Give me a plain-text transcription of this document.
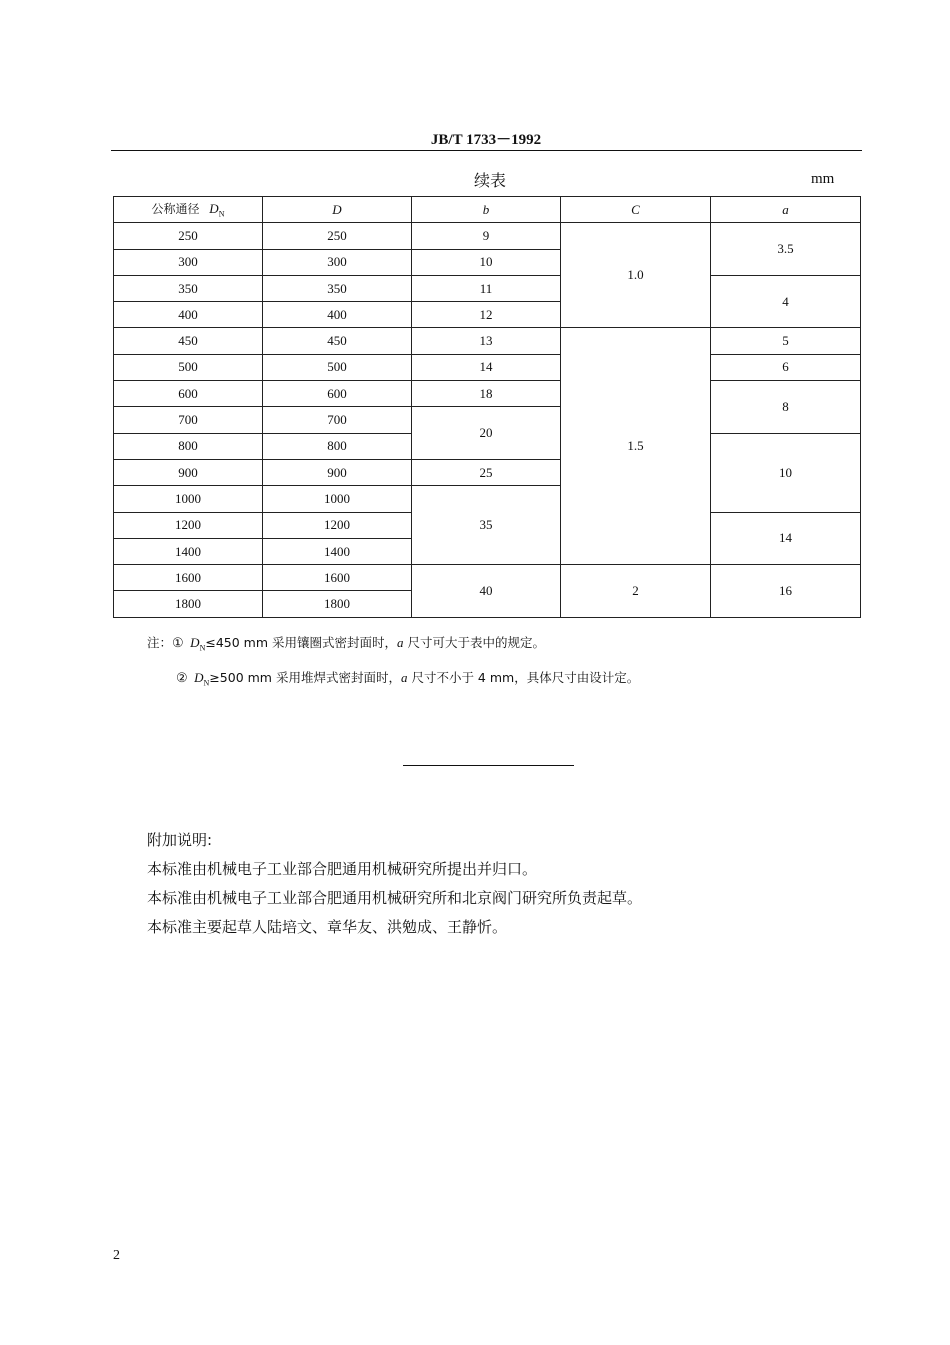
JB/T 1733－1992
续表	mm
公称通径 $D_N$	D	b	C	a
250	250	9	1.0	3.5
300	300	10		
350	350	11		4
400	400	12		
450	450	13	1.5	5
500	500	14		6
600	600	18		8
700	700	20		
800	800			10
900	900	25		
1000	1000	35		
1200	1200			14
1400	1400			
1600	1600	40	2	16
1800	1800			
注：① $D_N\le 450$ mm 采用镶圈式密封面时，a 尺寸可大于表中的规定。
② $D_N\ge 500$ mm 采用堆焊式密封面时，a 尺寸不小于 4 mm，具体尺寸由设计定。
附加说明:
本标准由机械电子工业部合肥通用机械研究所提出并归口。
本标准由机械电子工业部合肥通用机械研究所和北京阀门研究所负责起草。
本标准主要起草人陆培文、章华友、洪勉成、王静忻。
2
